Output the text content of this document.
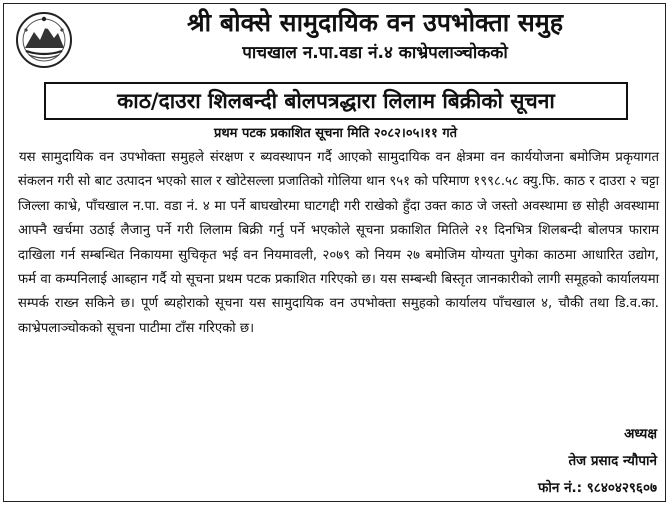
श्री बोक्से सामुदायिक वन उपभोक्ता समुह
पाचखाल न.पा.वडा नं.४ काभ्रेपलाञ्चोकको
काठ/दाउरा शिलबन्दी बोलपत्रद्धारा लिलाम बिक्रीको सूचना
प्रथम पटक प्रकाशित सूचना मिति २०८२।०५।११ गते
यस सामुदायिक वन उपभोक्ता समुहले संरक्षण र ब्यवस्थापन गर्दै आएको सामुदायिक वन क्षेत्रमा वन कार्ययोजना बमोजिम प्रकृयागत संकलन गरी सो बाट उत्पादन भएको साल र खोटेसल्ला प्रजातिको गोलिया थान ९५१ को परिमाण १९९८.५८ क्यु.फि. काठ र दाउरा २ चट्टा जिल्ला काभ्रे, पाँचखाल न.पा. वडा नं. ४ मा पर्ने बाघखोरमा घाटगद्दी गरी राखेको हुँदा उक्त काठ जे जस्तो अवस्थामा छ सोही अवस्थामा आफ्नै खर्चमा उठाई लैजानु पर्ने गरी लिलाम बिक्री गर्नु पर्ने भएकोले सूचना प्रकाशित मितिले २१ दिनभित्र शिलबन्दी बोलपत्र फाराम दाखिला गर्न सम्बन्धित निकायमा सुचिकृत भई वन नियमावली, २०७९ को नियम २७ बमोजिम योग्यता पुगेका काठमा आधारित उद्योग, फर्म वा कम्पनिलाई आब्हान गर्दै यो सूचना प्रथम पटक प्रकाशित गरिएको छ। यस सम्बन्धी बिस्तृत जानकारीको लागी समूहको कार्यालयमा सम्पर्क राख्न सकिने छ। पूर्ण ब्यहोराको सूचना यस सामुदायिक वन उपभोक्ता समुहको कार्यालय पाँचखाल ४, चौकी तथा डि.व.का. काभ्रेपलाञ्चोकको सूचना पाटीमा टाँस गरिएको छ।
अध्यक्ष
तेज प्रसाद न्यौपाने
फोन नं.: ९८४०४२९६०७
